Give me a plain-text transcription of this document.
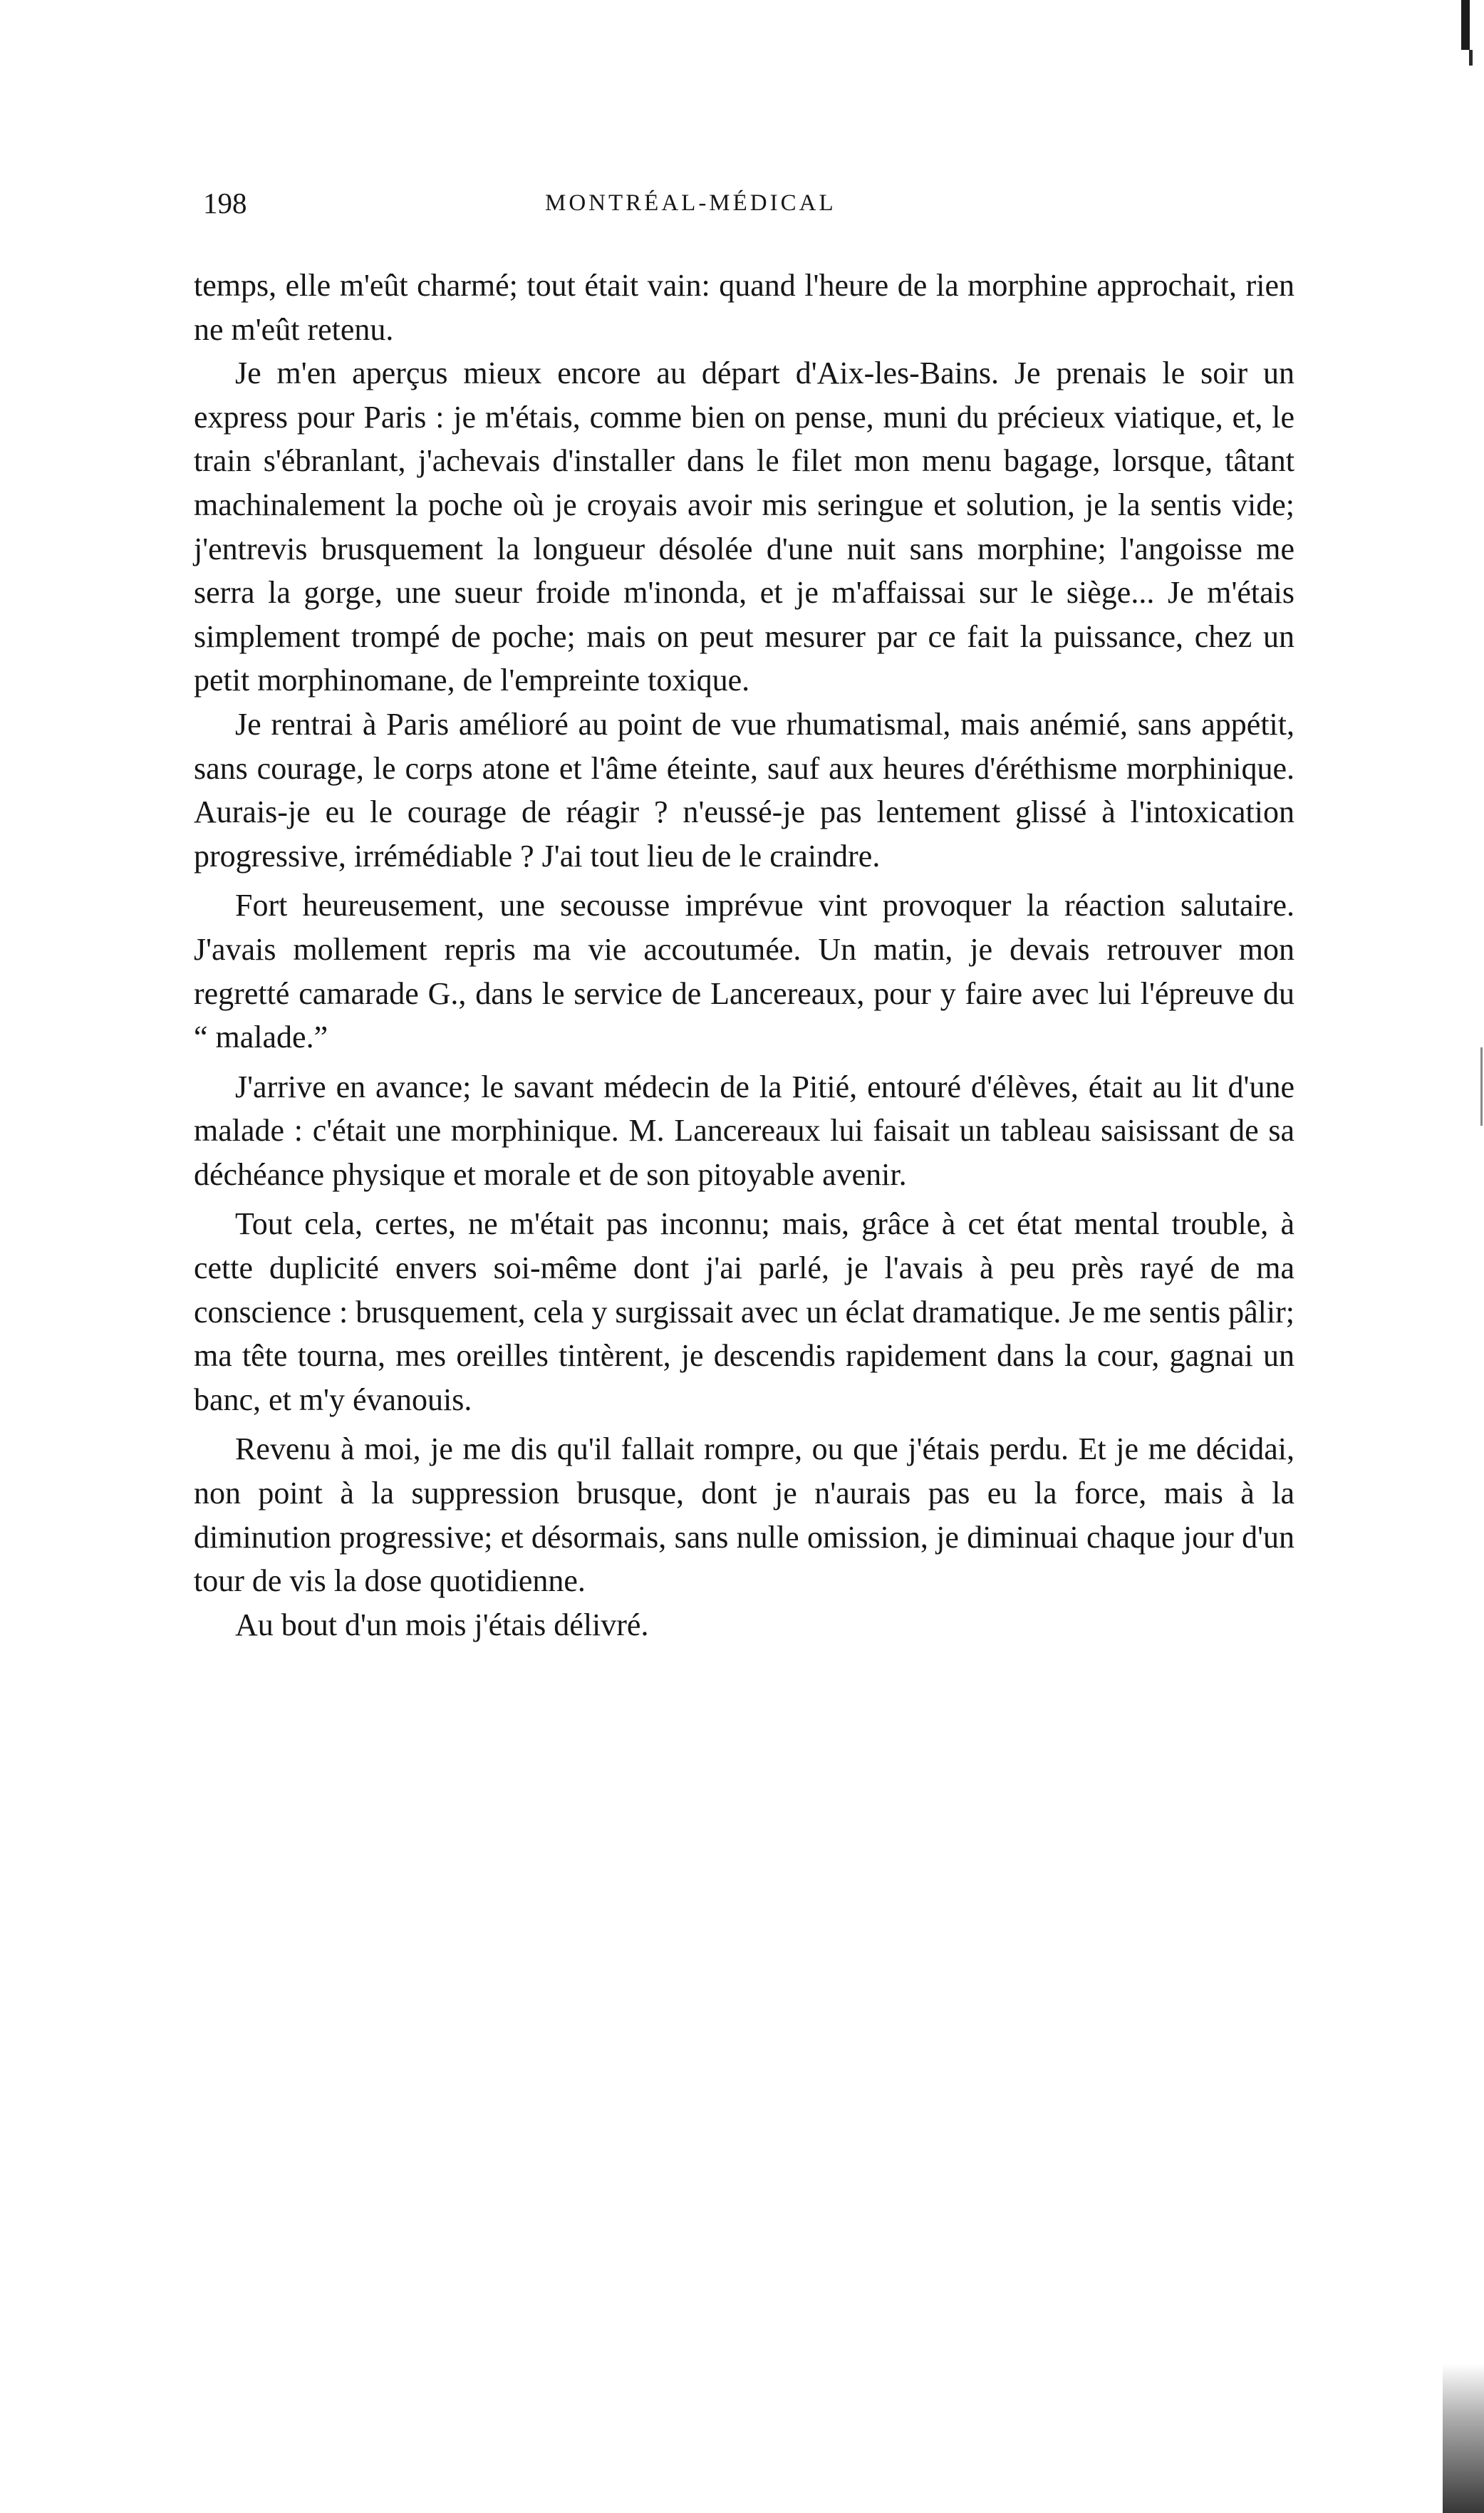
198	MONTRÉAL-MÉDICAL

temps, elle m'eût charmé; tout était vain: quand l'heure de la morphine approchait, rien ne m'eût retenu.

Je m'en aperçus mieux encore au départ d'Aix-les-Bains. Je prenais le soir un express pour Paris : je m'étais, comme bien on pense, muni du précieux viatique, et, le train s'ébranlant, j'achevais d'installer dans le filet mon menu bagage, lorsque, tâtant machinalement la poche où je croyais avoir mis seringue et solution, je la sentis vide; j'entrevis brusquement la longueur désolée d'une nuit sans morphine; l'angoisse me serra la gorge, une sueur froide m'inonda, et je m'affaissai sur le siège... Je m'étais simplement trompé de poche; mais on peut mesurer par ce fait la puissance, chez un petit morphinomane, de l'empreinte toxique.

Je rentrai à Paris amélioré au point de vue rhumatismal, mais anémié, sans appétit, sans courage, le corps atone et l'âme éteinte, sauf aux heures d'éréthisme morphinique. Aurais-je eu le courage de réagir ? n'eussé-je pas lentement glissé à l'intoxication progressive, irrémédiable ? J'ai tout lieu de le craindre.

Fort heureusement, une secousse imprévue vint provoquer la réaction salutaire. J'avais mollement repris ma vie accoutumée. Un matin, je devais retrouver mon regretté camarade G., dans le service de Lancereaux, pour y faire avec lui l'épreuve du “ malade.”

J'arrive en avance; le savant médecin de la Pitié, entouré d'élèves, était au lit d'une malade : c'était une morphinique. M. Lancereaux lui faisait un tableau saisissant de sa déchéance physique et morale et de son pitoyable avenir.

Tout cela, certes, ne m'était pas inconnu; mais, grâce à cet état mental trouble, à cette duplicité envers soi-même dont j'ai parlé, je l'avais à peu près rayé de ma conscience : brusquement, cela y surgissait avec un éclat dramatique. Je me sentis pâlir; ma tête tourna, mes oreilles tintèrent, je descendis rapidement dans la cour, gagnai un banc, et m'y évanouis.

Revenu à moi, je me dis qu'il fallait rompre, ou que j'étais perdu. Et je me décidai, non point à la suppression brusque, dont je n'aurais pas eu la force, mais à la diminution progressive; et désormais, sans nulle omission, je diminuai chaque jour d'un tour de vis la dose quotidienne.

Au bout d'un mois j'étais délivré.
